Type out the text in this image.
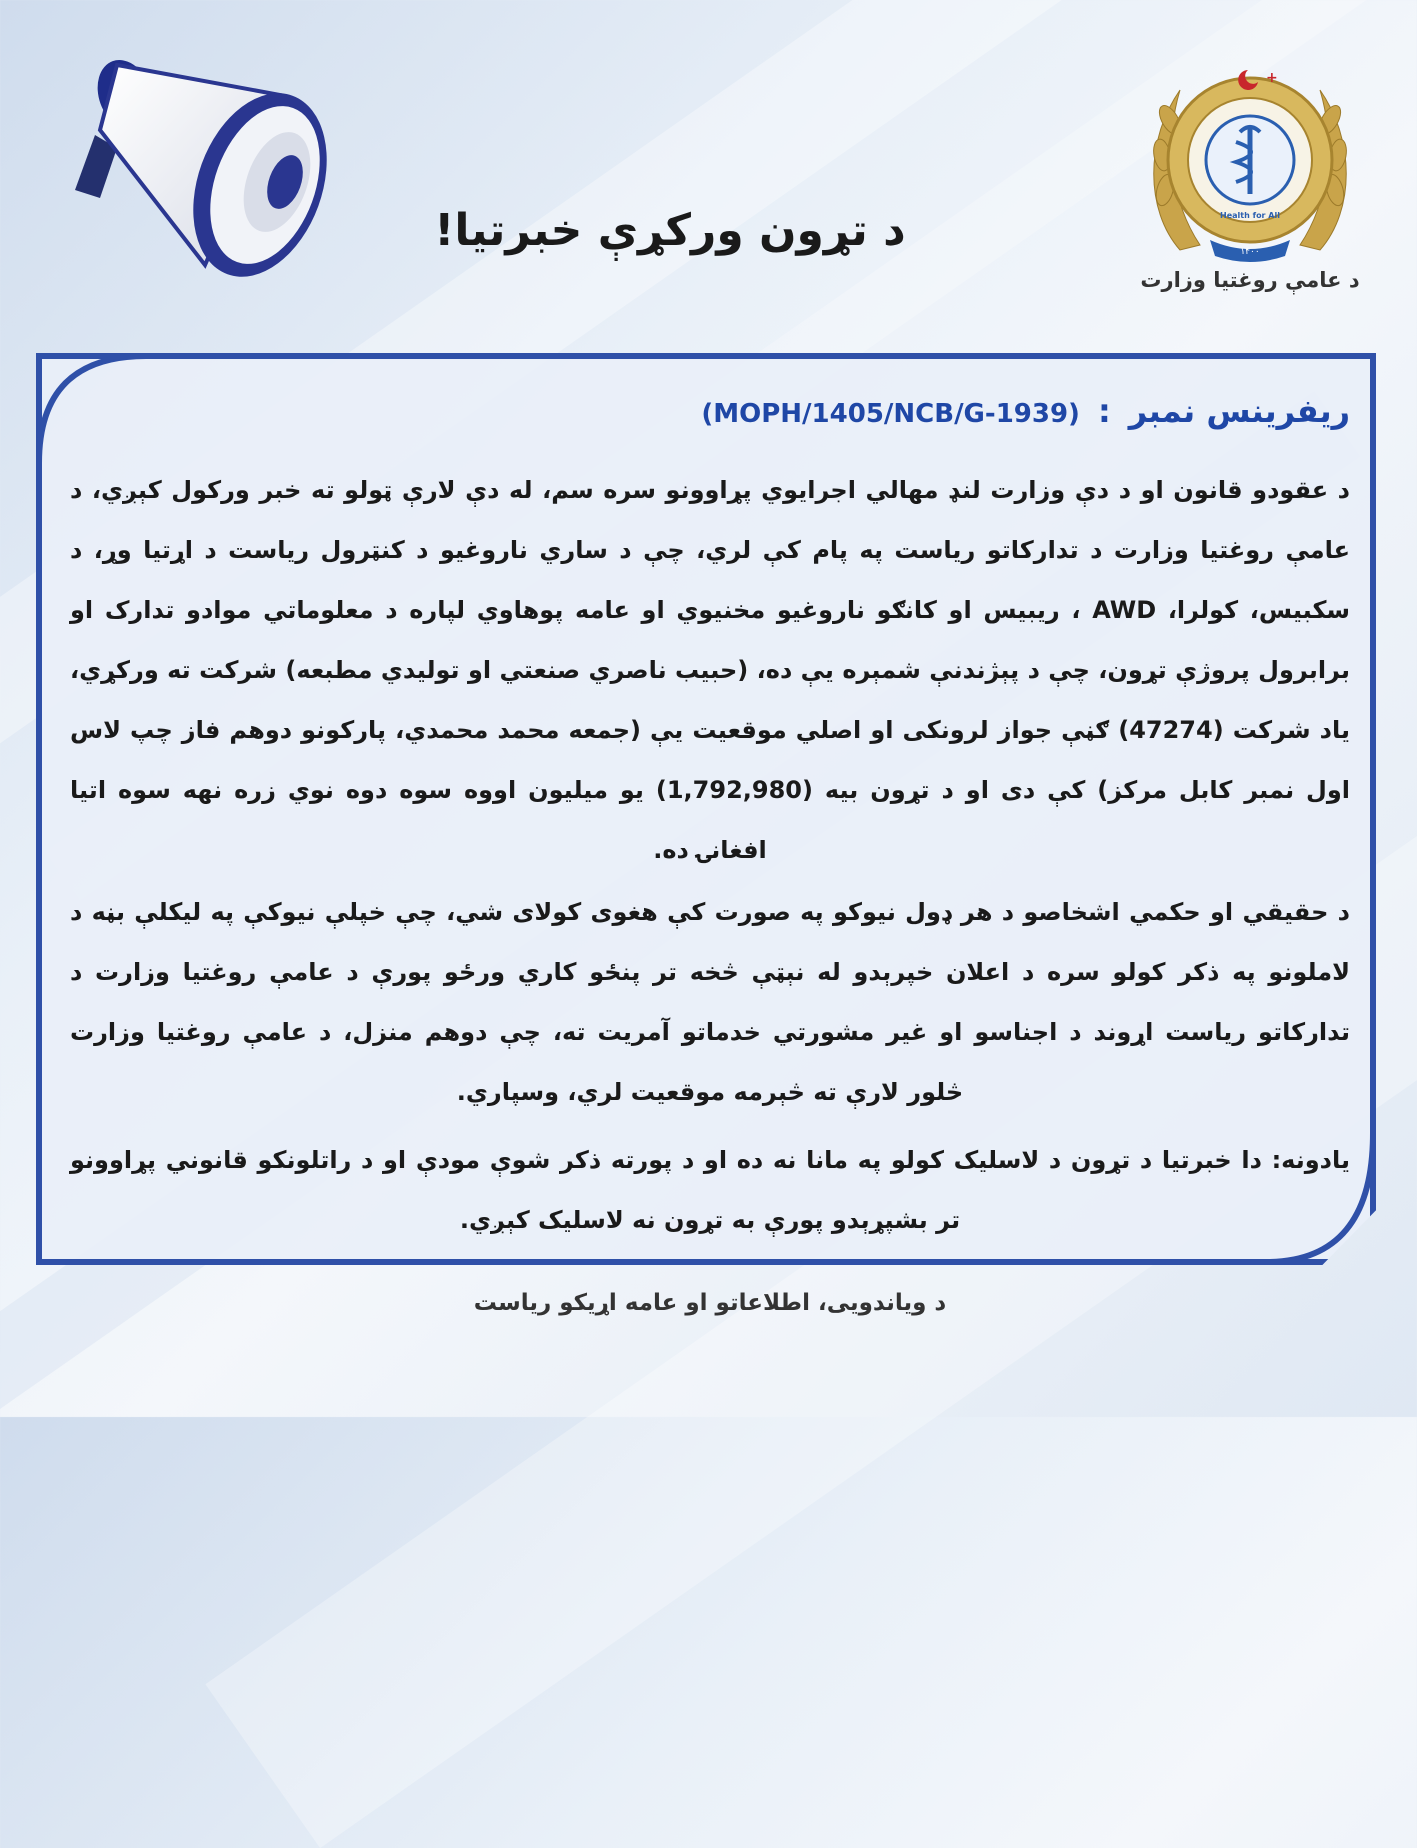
د تړون ورکړې خبرتیا!
+
Health for All
۱۴۰۰
د عامې روغتیا وزارت
ریفرینس نمبر:(MOPH/1405/NCB/G-1939)
د عقودو قانون او د دې وزارت لنډ مهالي اجرايوي پړاوونو سره سم، له دې لارې ټولو ته خبر ورکول کېږي، د عامې روغتيا وزارت د تدارکاتو رياست په پام کې لري، چې د ساري ناروغيو د کنټرول رياست د اړتيا وړ، د سکبيس، کولرا، AWD ، ريبيس او کانګو ناروغيو مخنيوي او عامه پوهاوي لپاره د معلوماتي موادو تدارک او برابرول پروژې تړون، چې د پېژندنې شمېره يې ده، (حبيب ناصري صنعتي او توليدي مطبعه) شرکت ته ورکړي، ياد شرکت (47274) ګڼې جواز لرونکی او اصلي موقعيت يې (جمعه محمد محمدي، پارکونو دوهم فاز چپ لاس اول نمبر کابل مرکز) کې دی او د تړون بيه (1,792,980) يو ميليون اووه سوه دوه نوي زره نهه سوه اتيا افغانۍ ده.
د حقيقي او حکمي اشخاصو د هر ډول نيوکو په صورت کې هغوی کولای شي، چې خپلې نيوکې په ليکلې بڼه د لاملونو په ذکر کولو سره د اعلان خپرېدو له نېټې څخه تر پنځو کاري ورځو پورې د عامې روغتيا وزارت د تدارکاتو رياست اړوند د اجناسو او غير مشورتي خدماتو آمريت ته، چې دوهم منزل، د عامې روغتيا وزارت څلور لارې ته څېرمه موقعيت لري، وسپاري.
يادونه: دا خبرتيا د تړون د لاسليک کولو په مانا نه ده او د پورته ذکر شوې مودې او د راتلونکو قانوني پړاوونو تر بشپړېدو پورې به تړون نه لاسليک کېږي.
د ویاندویی، اطلاعاتو او عامه اړیکو ریاست
